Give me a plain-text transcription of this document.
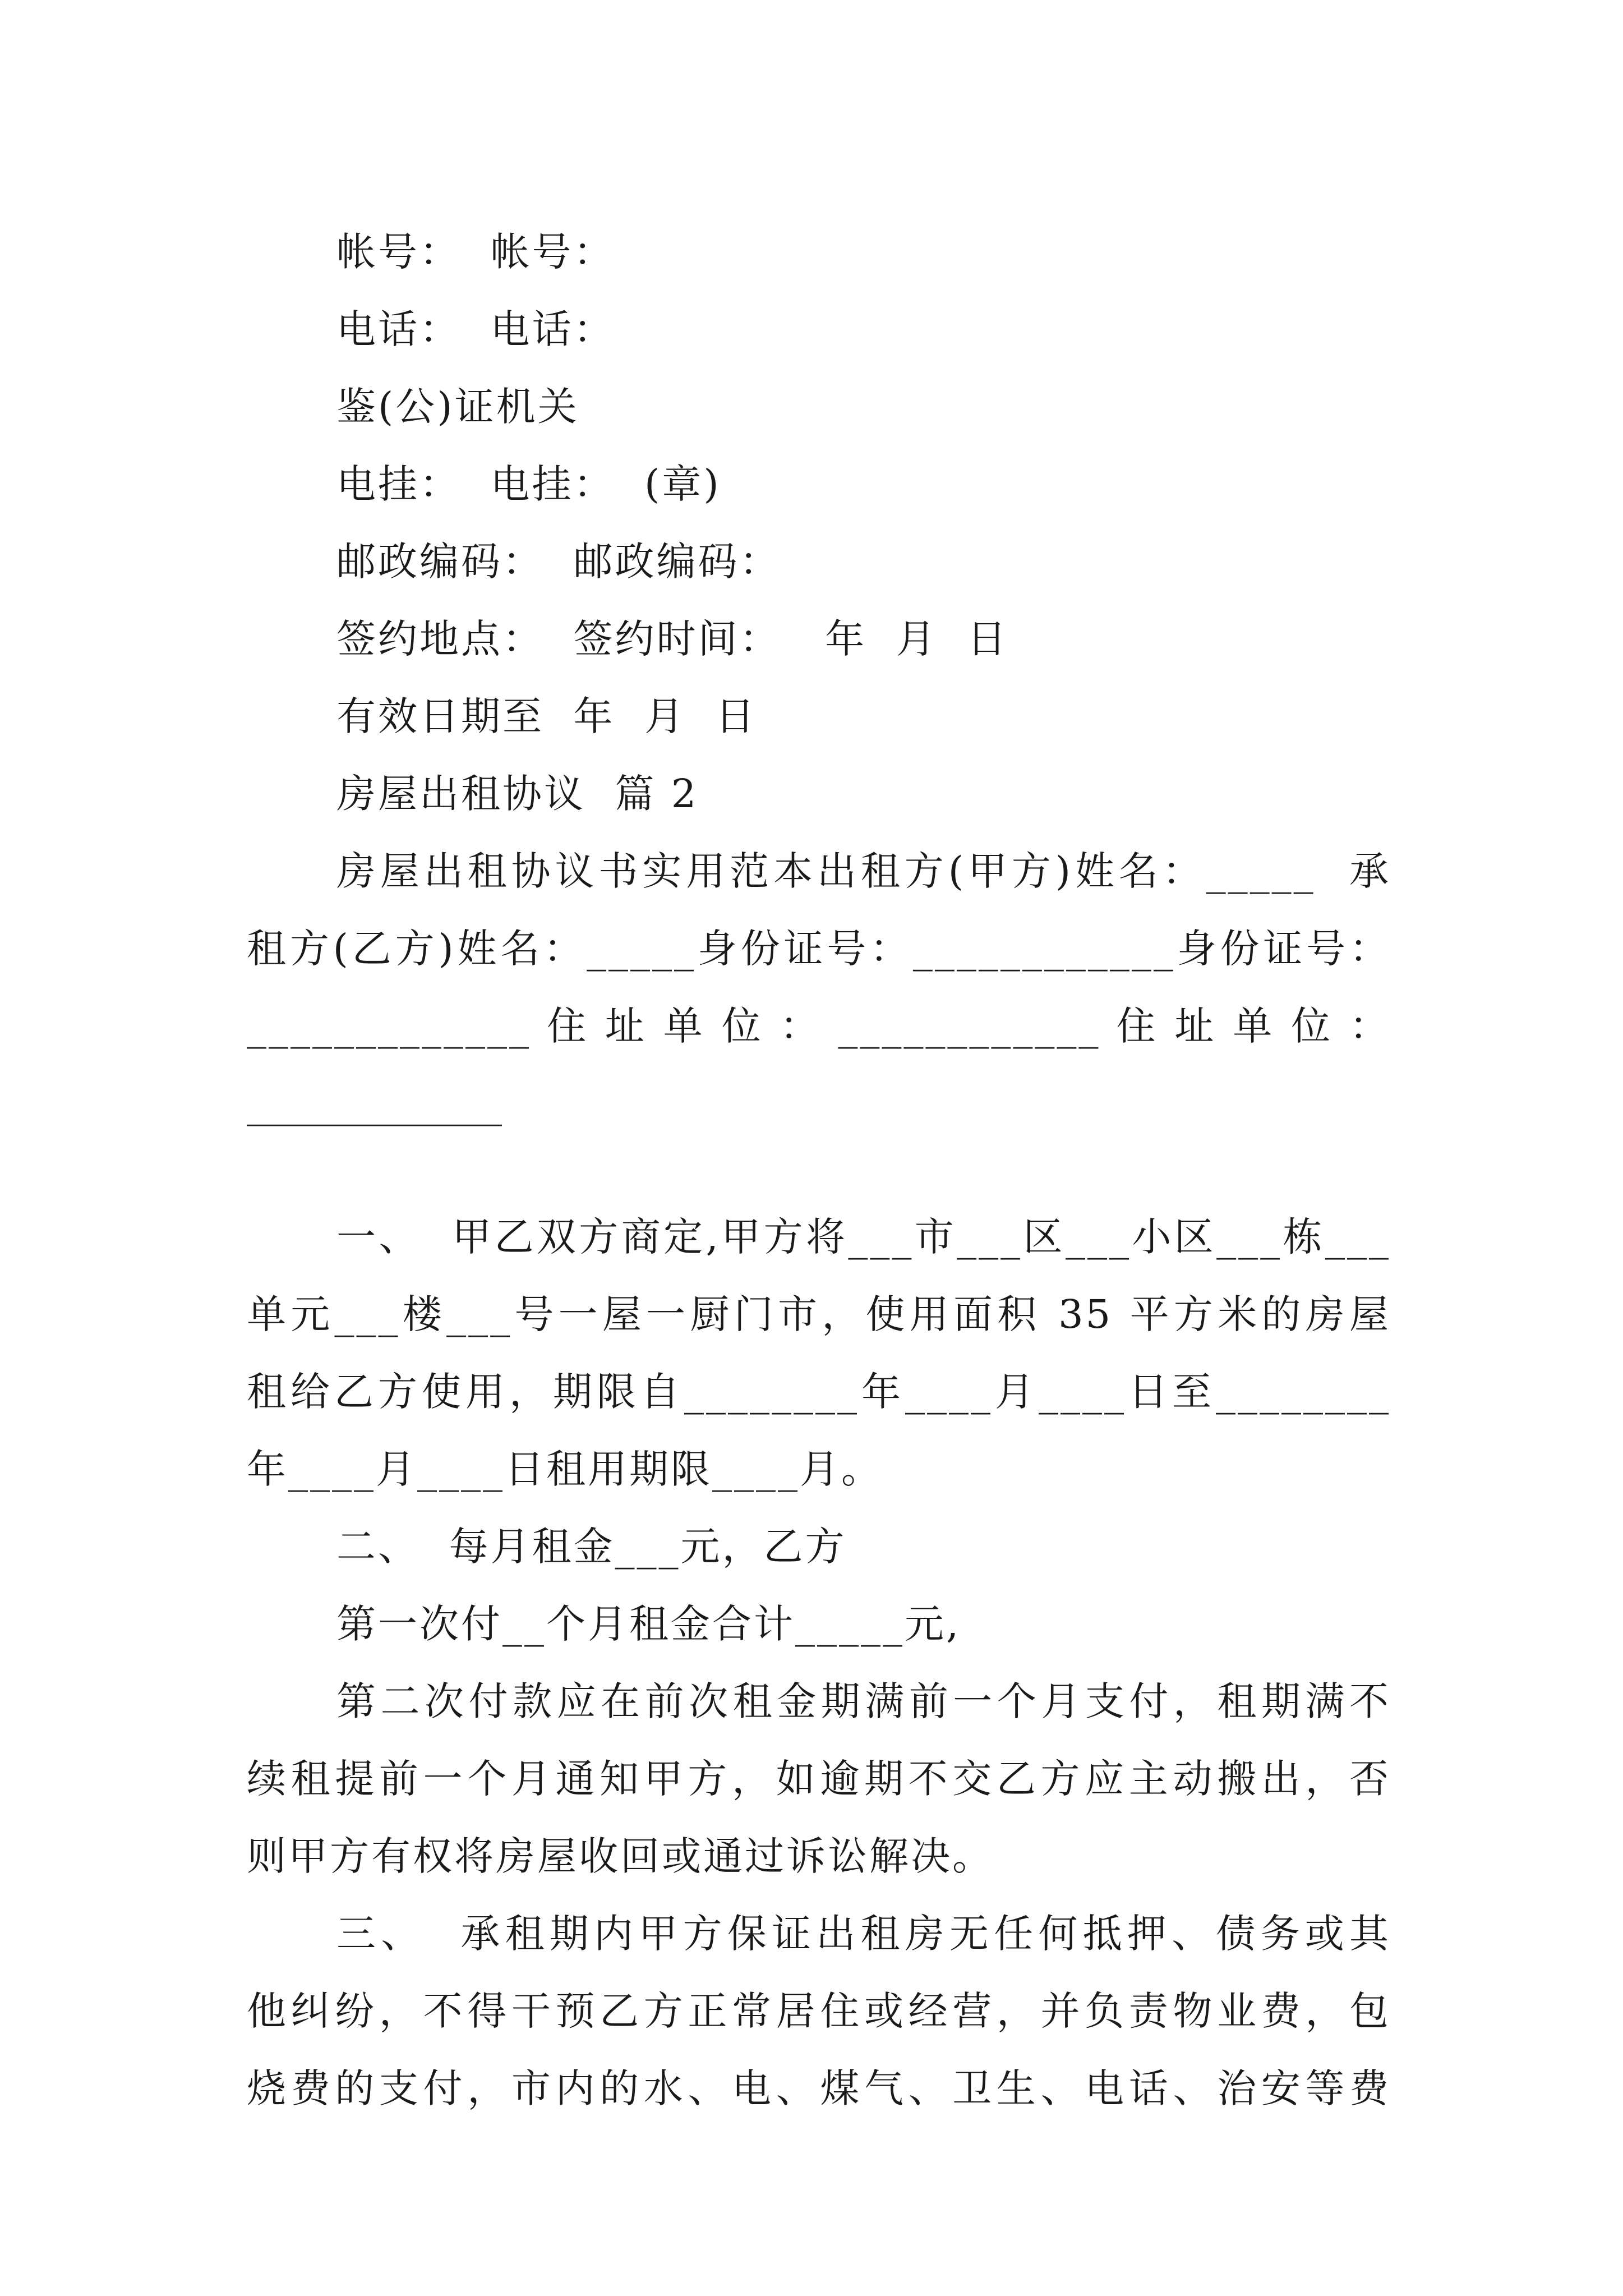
帐号：  帐号：
电话：  电话：
鉴(公)证机关
电挂：  电挂：  (章)
邮政编码：  邮政编码：
签约地点：  签约时间：   年  月  日
有效日期至  年  月  日
房屋出租协议  篇 2
房屋出租协议书实用范本出租方(甲方)姓名：_____  承
租方(乙方)姓名：_____身份证号：____________身份证号：
_____________ 住 址 单 位 ： ____________ 住 址 单 位 ：
_____________
一、  甲乙双方商定,甲方将___市___区___小区___栋___
单元___楼___号一屋一厨门市，使用面积 35 平方米的房屋
租给乙方使用，期限自________年____月____日至________
年____月____日租用期限____月。
二、  每月租金___元，乙方
第一次付__个月租金合计_____元,
第二次付款应在前次租金期满前一个月支付，租期满不
续租提前一个月通知甲方，如逾期不交乙方应主动搬出，否
则甲方有权将房屋收回或通过诉讼解决。
三、  承租期内甲方保证出租房无任何抵押、债务或其
他纠纷，不得干预乙方正常居住或经营，并负责物业费，包
烧费的支付，市内的水、电、煤气、卫生、电话、治安等费
